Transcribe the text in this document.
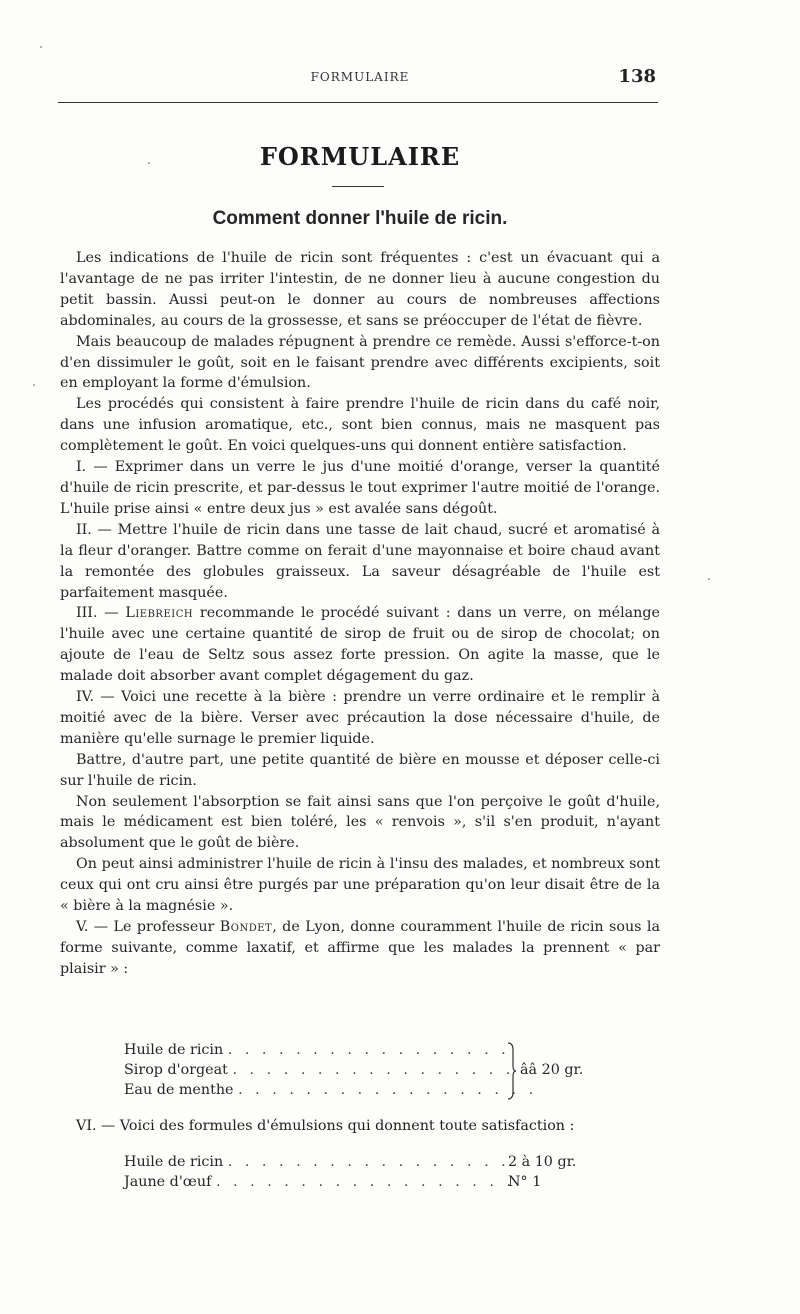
FORMULAIRE	138
FORMULAIRE
Comment donner l'huile de ricin.

Les indications de l'huile de ricin sont fréquentes : c'est un évacuant qui a l'avantage de ne pas irriter l'intestin, de ne donner lieu à aucune congestion du petit bassin. Aussi peut-on le donner au cours de nombreuses affections abdominales, au cours de la grossesse, et sans se préoccuper de l'état de fièvre.

Mais beaucoup de malades répugnent à prendre ce remède. Aussi s'efforce-t-on d'en dissimuler le goût, soit en le faisant prendre avec différents excipients, soit en employant la forme d'émulsion.

Les procédés qui consistent à faire prendre l'huile de ricin dans du café noir, dans une infusion aromatique, etc., sont bien connus, mais ne masquent pas complètement le goût. En voici quelques-uns qui donnent entière satisfaction.

I. — Exprimer dans un verre le jus d'une moitié d'orange, verser la quantité d'huile de ricin prescrite, et par-dessus le tout exprimer l'autre moitié de l'orange. L'huile prise ainsi « entre deux jus » est avalée sans dégoût.

II. — Mettre l'huile de ricin dans une tasse de lait chaud, sucré et aromatisé à la fleur d'oranger. Battre comme on ferait d'une mayonnaise et boire chaud avant la remontée des globules graisseux. La saveur désagréable de l'huile est parfaitement masquée.

III. — Liebreich recommande le procédé suivant : dans un verre, on mélange l'huile avec une certaine quantité de sirop de fruit ou de sirop de chocolat; on ajoute de l'eau de Seltz sous assez forte pression. On agite la masse, que le malade doit absorber avant complet dégagement du gaz.

IV. — Voici une recette à la bière : prendre un verre ordinaire et le remplir à moitié avec de la bière. Verser avec précaution la dose nécessaire d'huile, de manière qu'elle surnage le premier liquide.

Battre, d'autre part, une petite quantité de bière en mousse et déposer celle-ci sur l'huile de ricin.

Non seulement l'absorption se fait ainsi sans que l'on perçoive le goût d'huile, mais le médicament est bien toléré, les « renvois », s'il s'en produit, n'ayant absolument que le goût de bière.

On peut ainsi administrer l'huile de ricin à l'insu des malades, et nombreux sont ceux qui ont cru ainsi être purgés par une préparation qu'on leur disait être de la « bière à la magnésie ».

V. — Le professeur Bondet, de Lyon, donne couramment l'huile de ricin sous la forme suivante, comme laxatif, et affirme que les malades la prennent « par plaisir » :

Huile de ricin . . . . . . . . . . . . . . . . .
Sirop d'orgeat . . . . . . . . . . . . . . . . .
Eau de menthe . . . . . . . . . . . . . . . . . .
ââ 20 gr.
VI. — Voici des formules d'émulsions qui donnent toute satisfaction :
Huile de ricin . . . . . . . . . . . . . . . . .
2 à 10 gr.
Jaune d'œuf . . . . . . . . . . . . . . . . . .
N° 1
